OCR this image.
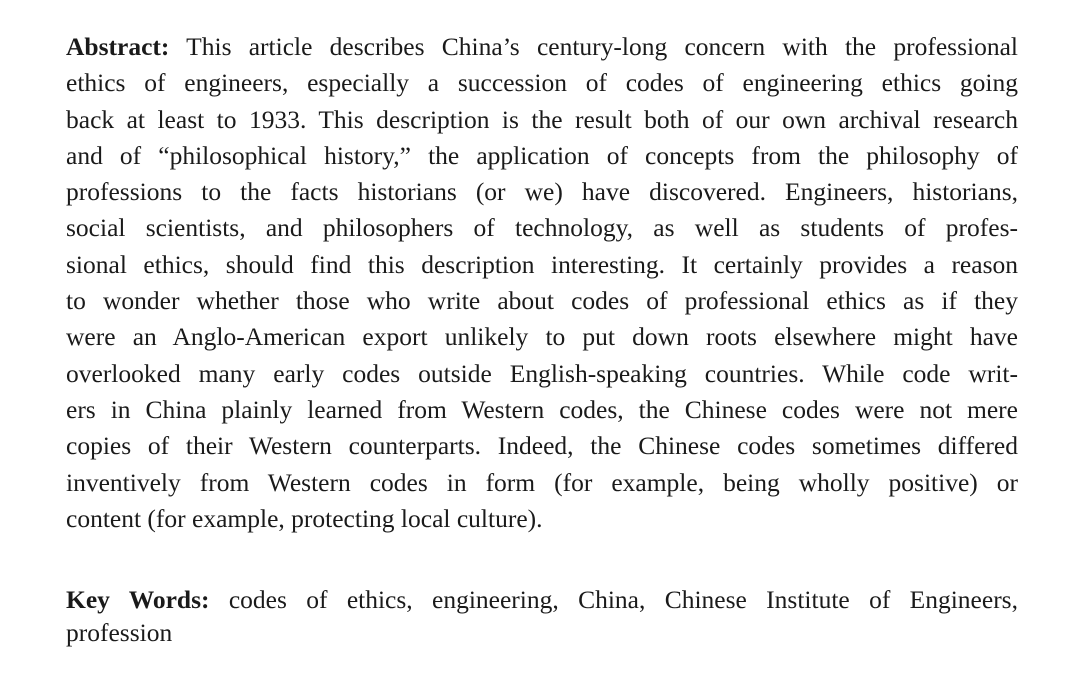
Abstract: This article describes China’s century-long concern with the professional
ethics of engineers, especially a succession of codes of engineering ethics going
back at least to 1933. This description is the result both of our own archival research
and of “philosophical history,” the application of concepts from the philosophy of
professions to the facts historians (or we) have discovered. Engineers, historians,
social scientists, and philosophers of technology, as well as students of profes-
sional ethics, should find this description interesting. It certainly provides a reason
to wonder whether those who write about codes of professional ethics as if they
were an Anglo-American export unlikely to put down roots elsewhere might have
overlooked many early codes outside English-speaking countries. While code writ-
ers in China plainly learned from Western codes, the Chinese codes were not mere
copies of their Western counterparts. Indeed, the Chinese codes sometimes differed
inventively from Western codes in form (for example, being wholly positive) or
content (for example, protecting local culture).
Key Words: codes of ethics, engineering, China, Chinese Institute of Engineers,
profession
